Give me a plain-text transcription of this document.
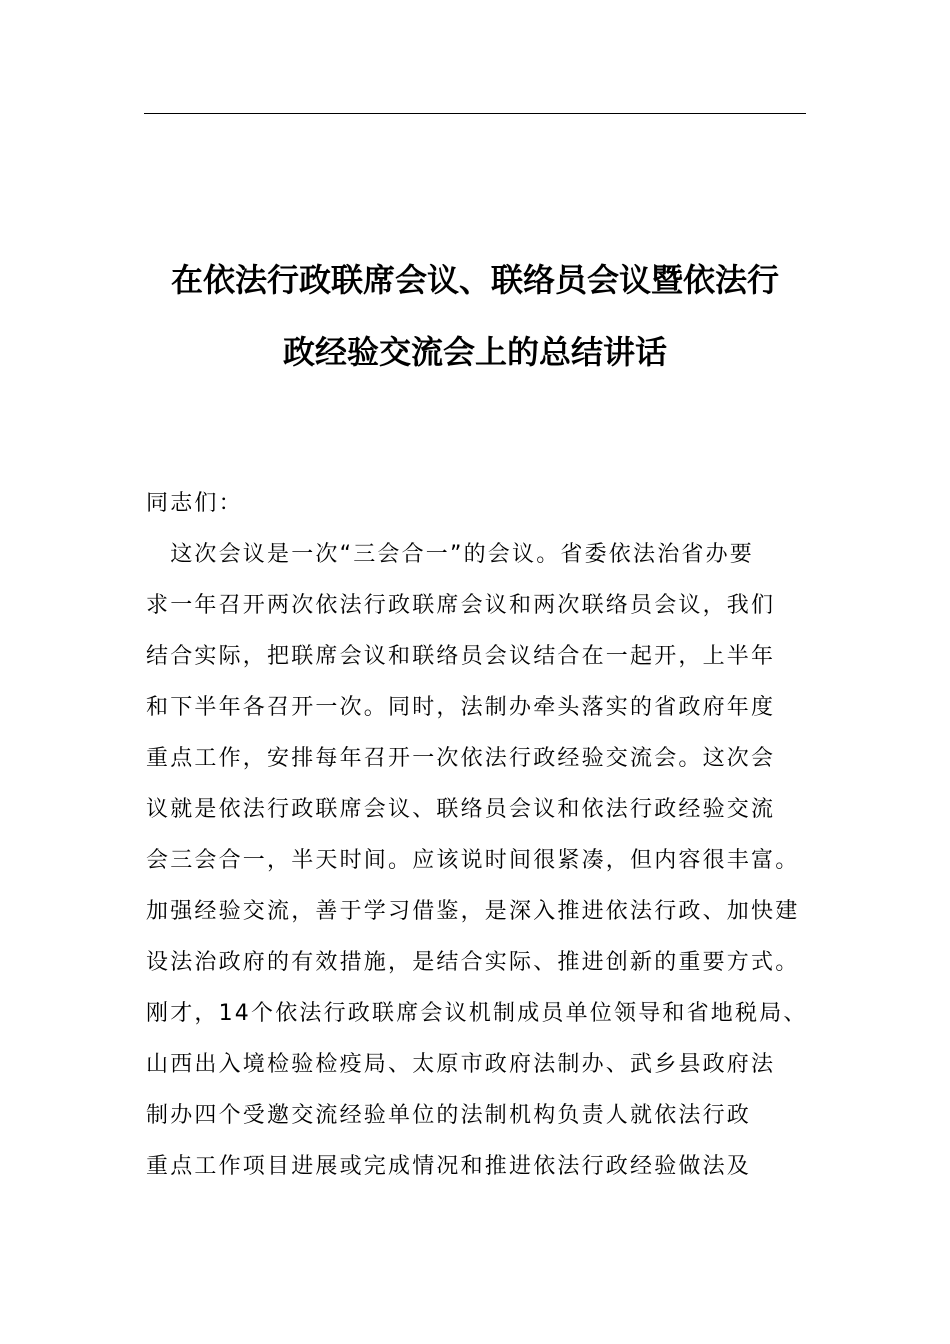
在依法行政联席会议、联络员会议暨依法行
政经验交流会上的总结讲话

同志们：

　这次会议是一次“三会合一”的会议。省委依法治省办要
求一年召开两次依法行政联席会议和两次联络员会议，我们
结合实际，把联席会议和联络员会议结合在一起开，上半年
和下半年各召开一次。同时，法制办牵头落实的省政府年度
重点工作，安排每年召开一次依法行政经验交流会。这次会
议就是依法行政联席会议、联络员会议和依法行政经验交流
会三会合一，半天时间。应该说时间很紧凑，但内容很丰富。
加强经验交流，善于学习借鉴，是深入推进依法行政、加快建
设法治政府的有效措施，是结合实际、推进创新的重要方式。
刚才，14个依法行政联席会议机制成员单位领导和省地税局、
山西出入境检验检疫局、太原市政府法制办、武乡县政府法
制办四个受邀交流经验单位的法制机构负责人就依法行政
重点工作项目进展或完成情况和推进依法行政经验做法及
